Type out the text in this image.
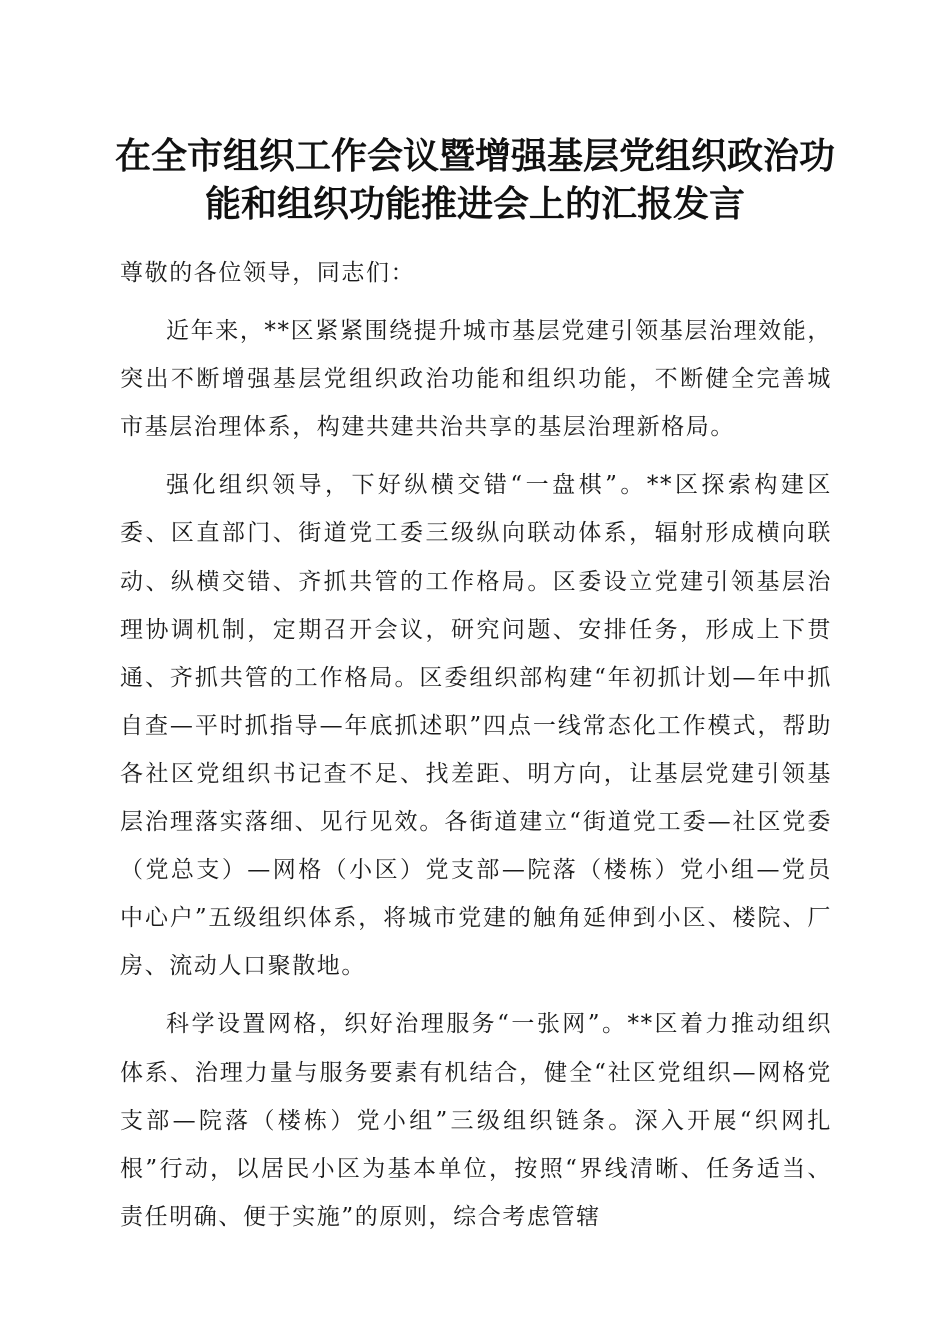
在全市组织工作会议暨增强基层党组织政治功
能和组织功能推进会上的汇报发言

尊敬的各位领导，同志们：

近年来，**区紧紧围绕提升城市基层党建引领基层治理效能，突出不断增强基层党组织政治功能和组织功能，不断健全完善城市基层治理体系，构建共建共治共享的基层治理新格局。

强化组织领导，下好纵横交错“一盘棋”。**区探索构建区委、区直部门、街道党工委三级纵向联动体系，辐射形成横向联动、纵横交错、齐抓共管的工作格局。区委设立党建引领基层治理协调机制，定期召开会议，研究问题、安排任务，形成上下贯通、齐抓共管的工作格局。区委组织部构建“年初抓计划—年中抓自查—平时抓指导—年底抓述职”四点一线常态化工作模式，帮助各社区党组织书记查不足、找差距、明方向，让基层党建引领基层治理落实落细、见行见效。各街道建立“街道党工委—社区党委（党总支）—网格（小区）党支部—院落（楼栋）党小组—党员中心户”五级组织体系，将城市党建的触角延伸到小区、楼院、厂房、流动人口聚散地。

科学设置网格，织好治理服务“一张网”。**区着力推动组织体系、治理力量与服务要素有机结合，健全“社区党组织—网格党支部—院落（楼栋）党小组”三级组织链条。深入开展“织网扎根”行动，以居民小区为基本单位，按照“界线清晰、任务适当、责任明确、便于实施”的原则，综合考虑管辖
